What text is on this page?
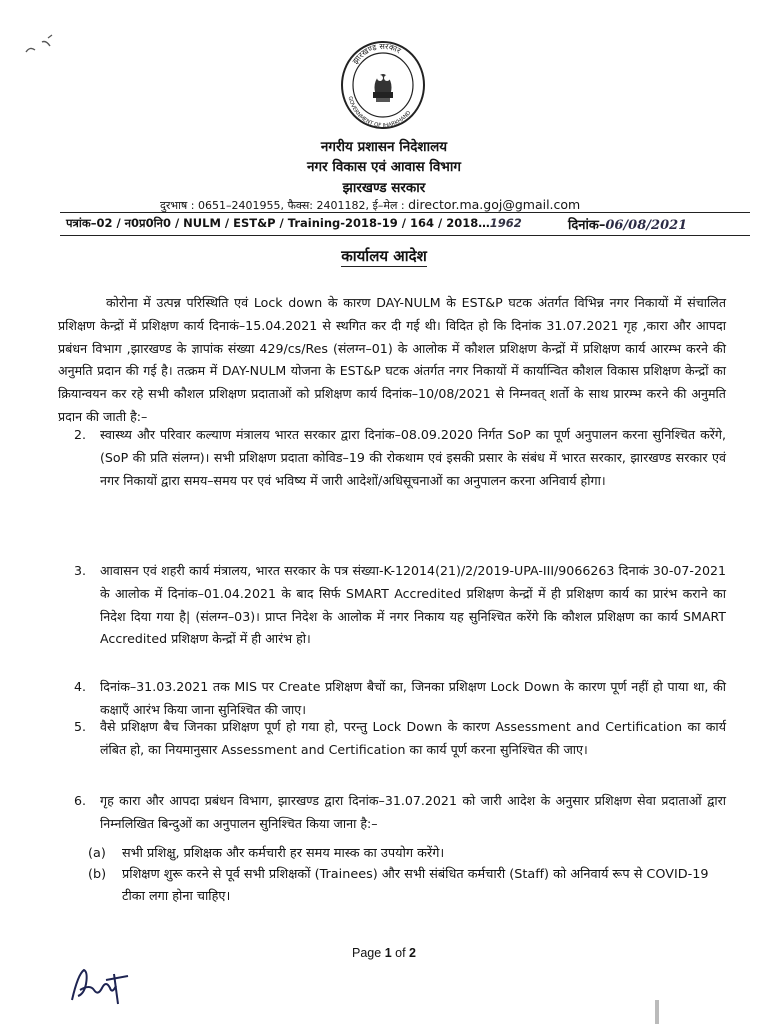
झारखण्ड सरकार
GOVERNMENT OF JHARKHAND
नगरीय प्रशासन निदेशालय
नगर विकास एवं आवास विभाग
झारखण्ड सरकार
दुरभाष : 0651–2401955, फैक्स: 2401182, ई–मेल : director.ma.goj@gmail.com
पत्रांक–02 / न0प्र0नि0 / NULM / EST&P / Training-2018-19 / 164 / 2018…1962	दिनांक–06/08/2021
कार्यालय आदेश

कोरोना में उत्पन्न परिस्थिति एवं Lock down के कारण DAY-NULM के EST&P घटक अंतर्गत विभिन्न नगर निकायों में संचालित प्रशिक्षण केन्द्रों में प्रशिक्षण कार्य दिनाकं–15.04.2021 से स्थगित कर दी गई थी। विदित हो कि दिनांक 31.07.2021 गृह ,कारा और आपदा प्रबंधन विभाग ,झारखण्ड के ज्ञापांक संख्या 429/cs/Res (संलग्न–01) के आलोक में कौशल प्रशिक्षण केन्द्रों में प्रशिक्षण कार्य आरम्भ करने की अनुमति प्रदान की गई है। तत्क्रम में DAY-NULM योजना के EST&P घटक अंतर्गत नगर निकायों में कार्यान्वित कौशल विकास प्रशिक्षण केन्द्रों का क्रियान्वयन कर रहे सभी कौशल प्रशिक्षण प्रदाताओं को प्रशिक्षण कार्य दिनांक–10/08/2021 से निम्नवत् शर्तो के साथ प्रारम्भ करने की अनुमति प्रदान की जाती है:–

2. स्वास्थ्य और परिवार कल्याण मंत्रालय भारत सरकार द्वारा दिनांक–08.09.2020 निर्गत SoP का पूर्ण अनुपालन करना सुनिश्चित करेंगे, (SoP की प्रति संलग्न)। सभी प्रशिक्षण प्रदाता कोविड–19 की रोकथाम एवं इसकी प्रसार के संबंध में भारत सरकार, झारखण्ड सरकार एवं नगर निकायों द्वारा समय–समय पर एवं भविष्य में जारी आदेशों/अधिसूचनाओं का अनुपालन करना अनिवार्य होगा।
3. आवासन एवं शहरी कार्य मंत्रालय, भारत सरकार के पत्र संख्या-K-12014(21)/2/2019-UPA-III/9066263 दिनाकं 30-07-2021 के आलोक में दिनांक–01.04.2021 के बाद सिर्फ SMART Accredited प्रशिक्षण केन्द्रों में ही प्रशिक्षण कार्य का प्रारंभ कराने का निदेश दिया गया है| (संलग्न–03)। प्राप्त निदेश के आलोक में नगर निकाय यह सुनिश्चित करेंगे कि कौशल प्रशिक्षण का कार्य SMART Accredited प्रशिक्षण केन्द्रों में ही आरंभ हो।
4. दिनांक–31.03.2021 तक MIS पर Create प्रशिक्षण बैचों का, जिनका प्रशिक्षण Lock Down के कारण पूर्ण नहीं हो पाया था, की कक्षाएँ आरंभ किया जाना सुनिश्चित की जाए।
5. वैसे प्रशिक्षण बैच जिनका प्रशिक्षण पूर्ण हो गया हो, परन्तु Lock Down के कारण Assessment and Certification का कार्य लंबित हो, का नियमानुसार Assessment and Certification का कार्य पूर्ण करना सुनिश्चित की जाए।
6. गृह कारा और आपदा प्रबंधन विभाग, झारखण्ड द्वारा दिनांक–31.07.2021 को जारी आदेश के अनुसार प्रशिक्षण सेवा प्रदाताओं द्वारा निम्नलिखित बिन्दुओं का अनुपालन सुनिश्चित किया जाना है:–
(a) सभी प्रशिक्षु, प्रशिक्षक और कर्मचारी हर समय मास्क का उपयोग करेंगे।
(b) प्रशिक्षण शुरू करने से पूर्व सभी प्रशिक्षकों (Trainees) और सभी संबंधित कर्मचारी (Staff) को अनिवार्य रूप से COVID-19 टीका लगा होना चाहिए।
Page 1 of 2
